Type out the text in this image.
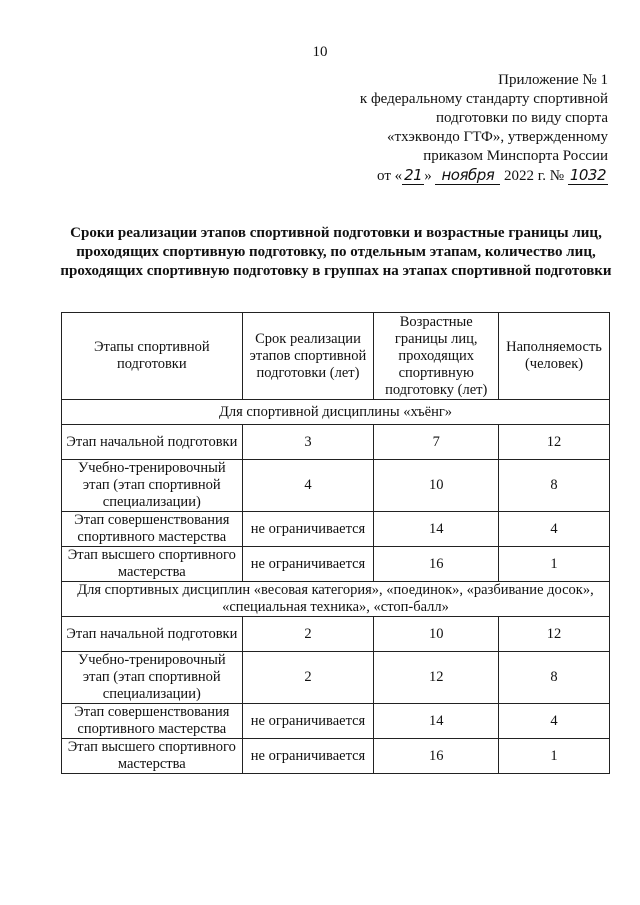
10
Приложение № 1
к федеральному стандарту спортивной
подготовки по виду спорта
«тхэквондо ГТФ», утвержденному
приказом Минспорта России
от « 21 » ноября 2022 г. № 1032
Сроки реализации этапов спортивной подготовки и возрастные границы лиц, проходящих спортивную подготовку, по отдельным этапам, количество лиц, проходящих спортивную подготовку в группах на этапах спортивной подготовки
Этапы спортивной подготовки	Срок реализации этапов спортивной подготовки (лет)	Возрастные границы лиц, проходящих спортивную подготовку (лет)	Наполняемость (человек)
Для спортивной дисциплины «хъёнг»			
Этап начальной подготовки	3	7	12
Учебно-тренировочный этап (этап спортивной специализации)	4	10	8
Этап совершенствования спортивного мастерства	не ограничивается	14	4
Этап высшего спортивного мастерства	не ограничивается	16	1
Для спортивных дисциплин «весовая категория», «поединок», «разбивание досок», «специальная техника», «стоп-балл»			
Этап начальной подготовки	2	10	12
Учебно-тренировочный этап (этап спортивной специализации)	2	12	8
Этап совершенствования спортивного мастерства	не ограничивается	14	4
Этап высшего спортивного мастерства	не ограничивается	16	1
